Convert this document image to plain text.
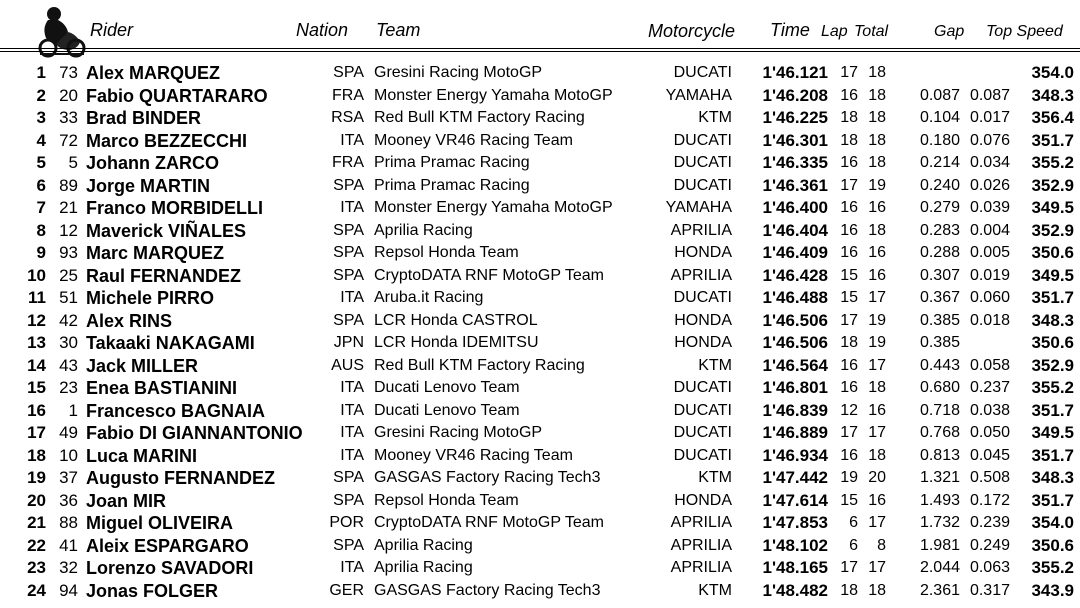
Rider	Nation Team	Motorcycle Time Lap Total	Gap Top Speed
1 73 Alex MARQUEZ	SPA Gresini Racing MotoGP	DUCATI	1'46.121 17 18	354.0
2 20 Fabio QUARTARARO	FRA Monster Energy Yamaha MotoGP	YAMAHA	1'46.208 16 18	0.087 0.087	348.3
3 33 Brad BINDER	RSA Red Bull KTM Factory Racing	KTM	1'46.225 18 18	0.104 0.017	356.4
4 72 Marco BEZZECCHI	ITA Mooney VR46 Racing Team	DUCATI	1'46.301 18 18	0.180 0.076	351.7
5	5 Johann ZARCO	FRA Prima Pramac Racing	DUCATI	1'46.335 16 18	0.214 0.034	355.2
6 89 Jorge MARTIN	SPA Prima Pramac Racing	DUCATI	1'46.361 17 19	0.240 0.026	352.9
7 21 Franco MORBIDELLI	ITA Monster Energy Yamaha MotoGP	YAMAHA	1'46.400 16 16	0.279 0.039	349.5
8 12 Maverick VIÑALES	SPA Aprilia Racing	APRILIA	1'46.404 16 18	0.283 0.004	352.9
9 93 Marc MARQUEZ	SPA Repsol Honda Team	HONDA	1'46.409 16 16	0.288 0.005	350.6
10 25 Raul FERNANDEZ	SPA CryptoDATA RNF MotoGP Team	APRILIA	1'46.428 15 16	0.307 0.019	349.5
11 51 Michele PIRRO	ITA Aruba.it Racing	DUCATI	1'46.488 15 17	0.367 0.060	351.7
12 42 Alex RINS	SPA LCR Honda CASTROL	HONDA	1'46.506 17 19	0.385 0.018	348.3
13 30 Takaaki NAKAGAMI	JPN LCR Honda IDEMITSU	HONDA	1'46.506 18 19	0.385	350.6
14 43 Jack MILLER	AUS Red Bull KTM Factory Racing	KTM	1'46.564 16 17	0.443 0.058	352.9
15 23 Enea BASTIANINI	ITA Ducati Lenovo Team	DUCATI	1'46.801 16 18	0.680 0.237	355.2
16	1 Francesco BAGNAIA	ITA Ducati Lenovo Team	DUCATI	1'46.839 12 16	0.718 0.038	351.7
17 49 Fabio DI GIANNANTONIO	ITA Gresini Racing MotoGP	DUCATI	1'46.889 17 17	0.768 0.050	349.5
18 10 Luca MARINI	ITA Mooney VR46 Racing Team	DUCATI	1'46.934 16 18	0.813 0.045	351.7
19 37 Augusto FERNANDEZ	SPA GASGAS Factory Racing Tech3	KTM	1'47.442 19 20	1.321 0.508	348.3
20 36 Joan MIR	SPA Repsol Honda Team	HONDA	1'47.614 15 16	1.493 0.172	351.7
21 88 Miguel OLIVEIRA	POR CryptoDATA RNF MotoGP Team	APRILIA	1'47.853	6 17	1.732 0.239	354.0
22 41 Aleix ESPARGARO	SPA Aprilia Racing	APRILIA	1'48.102	6	8	1.981 0.249	350.6
23 32 Lorenzo SAVADORI	ITA Aprilia Racing	APRILIA	1'48.165 17 17	2.044 0.063	355.2
24 94 Jonas FOLGER	GER GASGAS Factory Racing Tech3	KTM	1'48.482 18 18	2.361 0.317	343.9
